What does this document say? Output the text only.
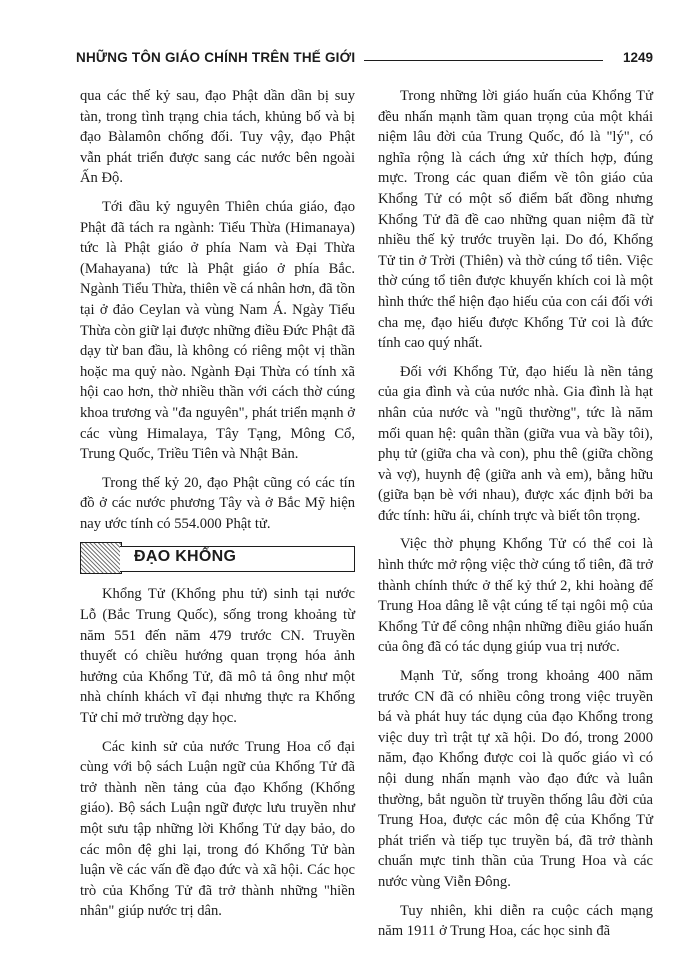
NHỮNG TÔN GIÁO CHÍNH TRÊN THẾ GIỚI	1249

qua các thế kỷ sau, đạo Phật dần dần bị suy tàn, trong tình trạng chia tách, khủng bố và bị đạo Bàlamôn chống đối. Tuy vậy, đạo Phật vẫn phát triển được sang các nước bên ngoài Ấn Độ.

Tới đầu kỷ nguyên Thiên chúa giáo, đạo Phật đã tách ra ngành: Tiểu Thừa (Himanaya) tức là Phật giáo ở phía Nam và Đại Thừa (Mahayana) tức là Phật giáo ở phía Bắc. Ngành Tiểu Thừa, thiên về cá nhân hơn, đã tồn tại ở đảo Ceylan và vùng Nam Á. Ngày Tiểu Thừa còn giữ lại được những điều Đức Phật đã dạy từ ban đầu, là không có riêng một vị thần hoặc ma quỷ nào. Ngành Đại Thừa có tính xã hội cao hơn, thờ nhiều thần với cách thờ cúng khoa trương và "đa nguyên", phát triển mạnh ở các vùng Himalaya, Tây Tạng, Mông Cổ, Trung Quốc, Triều Tiên và Nhật Bản.

Trong thế kỷ 20, đạo Phật cũng có các tín đồ ở các nước phương Tây và ở Bắc Mỹ hiện nay ước tính có 554.000 Phật tử.

ĐẠO KHỔNG

Khổng Tử (Khổng phu tử) sinh tại nước Lỗ (Bắc Trung Quốc), sống trong khoảng từ năm 551 đến năm 479 trước CN. Truyền thuyết có chiều hướng quan trọng hóa ảnh hưởng của Khổng Tử, đã mô tả ông như một nhà chính khách vĩ đại nhưng thực ra Khổng Tử chỉ mở trường dạy học.

Các kinh sử của nước Trung Hoa cổ đại cùng với bộ sách Luận ngữ của Khổng Tử đã trở thành nền tảng của đạo Khổng (Khổng giáo). Bộ sách Luận ngữ được lưu truyền như một sưu tập những lời Khổng Tử dạy bảo, do các môn đệ ghi lại, trong đó Khổng Tử bàn luận về các vấn đề đạo đức và xã hội. Các học trò của Khổng Tử đã trở thành những "hiền nhân" giúp nước trị dân.

Trong những lời giáo huấn của Khổng Tử đều nhấn mạnh tầm quan trọng của một khái niệm lâu đời của Trung Quốc, đó là "lý", có nghĩa rộng là cách ứng xử thích hợp, đúng mực. Trong các quan điểm về tôn giáo của Khổng Tử có một số điểm bất đồng nhưng Khổng Tử đã đề cao những quan niệm đã từ nhiều thế kỷ trước truyền lại. Do đó, Khổng Tử tin ở Trời (Thiên) và thờ cúng tổ tiên. Việc thờ cúng tổ tiên được khuyến khích coi là một hình thức thể hiện đạo hiếu của con cái đối với cha mẹ, đạo hiếu được Khổng Tử coi là đức tính cao quý nhất.

Đối với Khổng Tử, đạo hiếu là nền tảng của gia đình và của nước nhà. Gia đình là hạt nhân của nước và "ngũ thường", tức là năm mối quan hệ: quân thần (giữa vua và bầy tôi), phụ tử (giữa cha và con), phu thê (giữa chồng và vợ), huynh đệ (giữa anh và em), bằng hữu (giữa bạn bè với nhau), được xác định bởi ba đức tính: hữu ái, chính trực và biết tôn trọng.

Việc thờ phụng Khổng Tử có thể coi là hình thức mở rộng việc thờ cúng tổ tiên, đã trở thành chính thức ở thế kỷ thứ 2, khi hoàng đế Trung Hoa dâng lễ vật cúng tế tại ngôi mộ của Khổng Tử để công nhận những điều giáo huấn của ông đã có tác dụng giúp vua trị nước.

Mạnh Tử, sống trong khoảng 400 năm trước CN đã có nhiều công trong việc truyền bá và phát huy tác dụng của đạo Khổng trong việc duy trì trật tự xã hội. Do đó, trong 2000 năm, đạo Khổng được coi là quốc giáo vì có nội dung nhấn mạnh vào đạo đức và luân thường, bắt nguồn từ truyền thống lâu đời của Trung Hoa, được các môn đệ của Khổng Tử phát triển và tiếp tục truyền bá, đã trở thành chuẩn mực tinh thần của Trung Hoa và các nước vùng Viễn Đông.

Tuy nhiên, khi diễn ra cuộc cách mạng năm 1911 ở Trung Hoa, các học sinh đã
